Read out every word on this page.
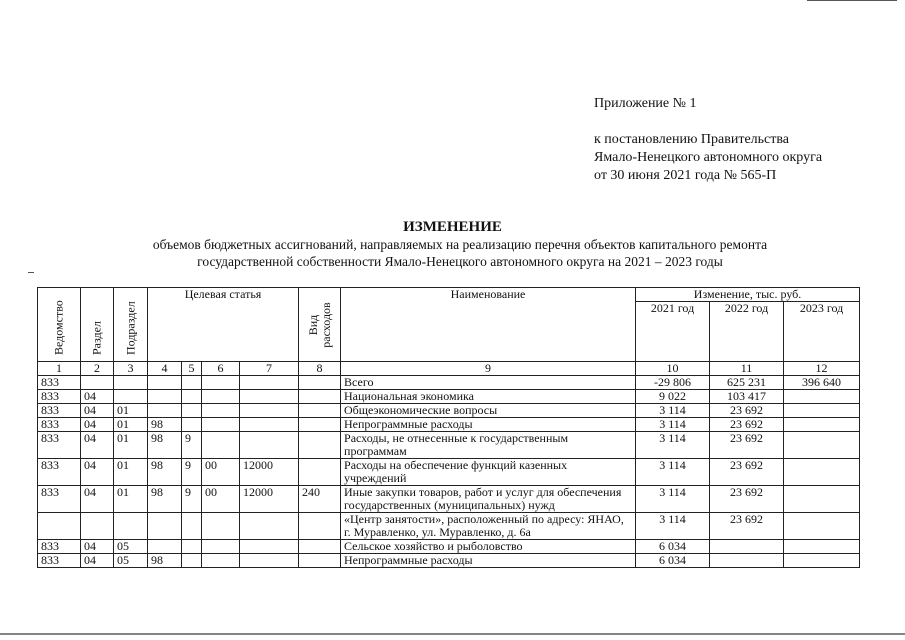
Приложение № 1
к постановлению Правительства
Ямало-Ненецкого автономного округа
от 30 июня 2021 года № 565-П
ИЗМЕНЕНИЕ
объемов бюджетных ассигнований, направляемых на реализацию перечня объектов капитального ремонта
государственной собственности Ямало-Ненецкого автономного округа на 2021 – 2023 годы
Ведомство	Раздел	Подраздел	Целевая статья				Вид расходов	Наименование	Изменение, тыс. руб.		
									2021 год	2022 год	2023 год
1	2	3	4	5	6	7	8	9	10	11	12
833								Всего	-29 806	625 231	396 640
833	04							Национальная экономика	9 022	103 417	
833	04	01						Общеэкономические вопросы	3 114	23 692	
833	04	01	98					Непрограммные расходы	3 114	23 692	
833	04	01	98	9				Расходы, не отнесенные к государственным программам	3 114	23 692	
833	04	01	98	9	00	12000		Расходы на обеспечение функций казенных учреждений	3 114	23 692	
833	04	01	98	9	00	12000	240	Иные закупки товаров, работ и услуг для обеспечения государственных (муниципальных) нужд	3 114	23 692	
								«Центр занятости», расположенный по адресу: ЯНАО, г. Муравленко, ул. Муравленко, д. 6а	3 114	23 692	
833	04	05						Сельское хозяйство и рыболовство	6 034		
833	04	05	98					Непрограммные расходы	6 034		
